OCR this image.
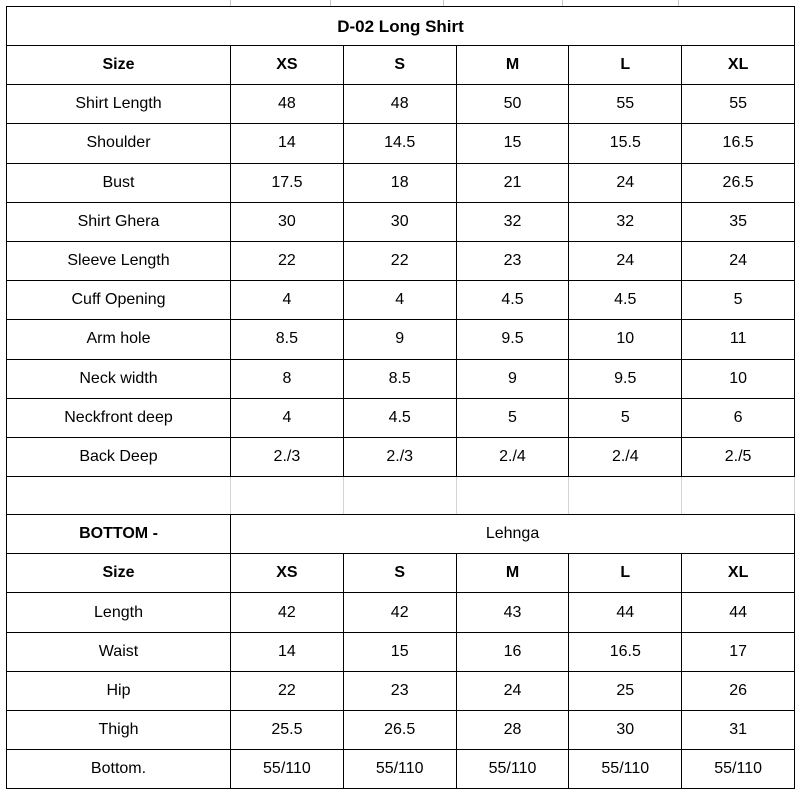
D-02 Long Shirt					
Size	XS	S	M	L	XL
Shirt Length	48	48	50	55	55
Shoulder	14	14.5	15	15.5	16.5
Bust	17.5	18	21	24	26.5
Shirt Ghera	30	30	32	32	35
Sleeve Length	22	22	23	24	24
Cuff Opening	4	4	4.5	4.5	5
Arm hole	8.5	9	9.5	10	11
Neck width	8	8.5	9	9.5	10
Neckfront deep	4	4.5	5	5	6
Back Deep	2./3	2./3	2./4	2./4	2./5

BOTTOM -	Lehnga				
Size	XS	S	M	L	XL
Length	42	42	43	44	44
Waist	14	15	16	16.5	17
Hip	22	23	24	25	26
Thigh	25.5	26.5	28	30	31
Bottom.	55/110	55/110	55/110	55/110	55/110
